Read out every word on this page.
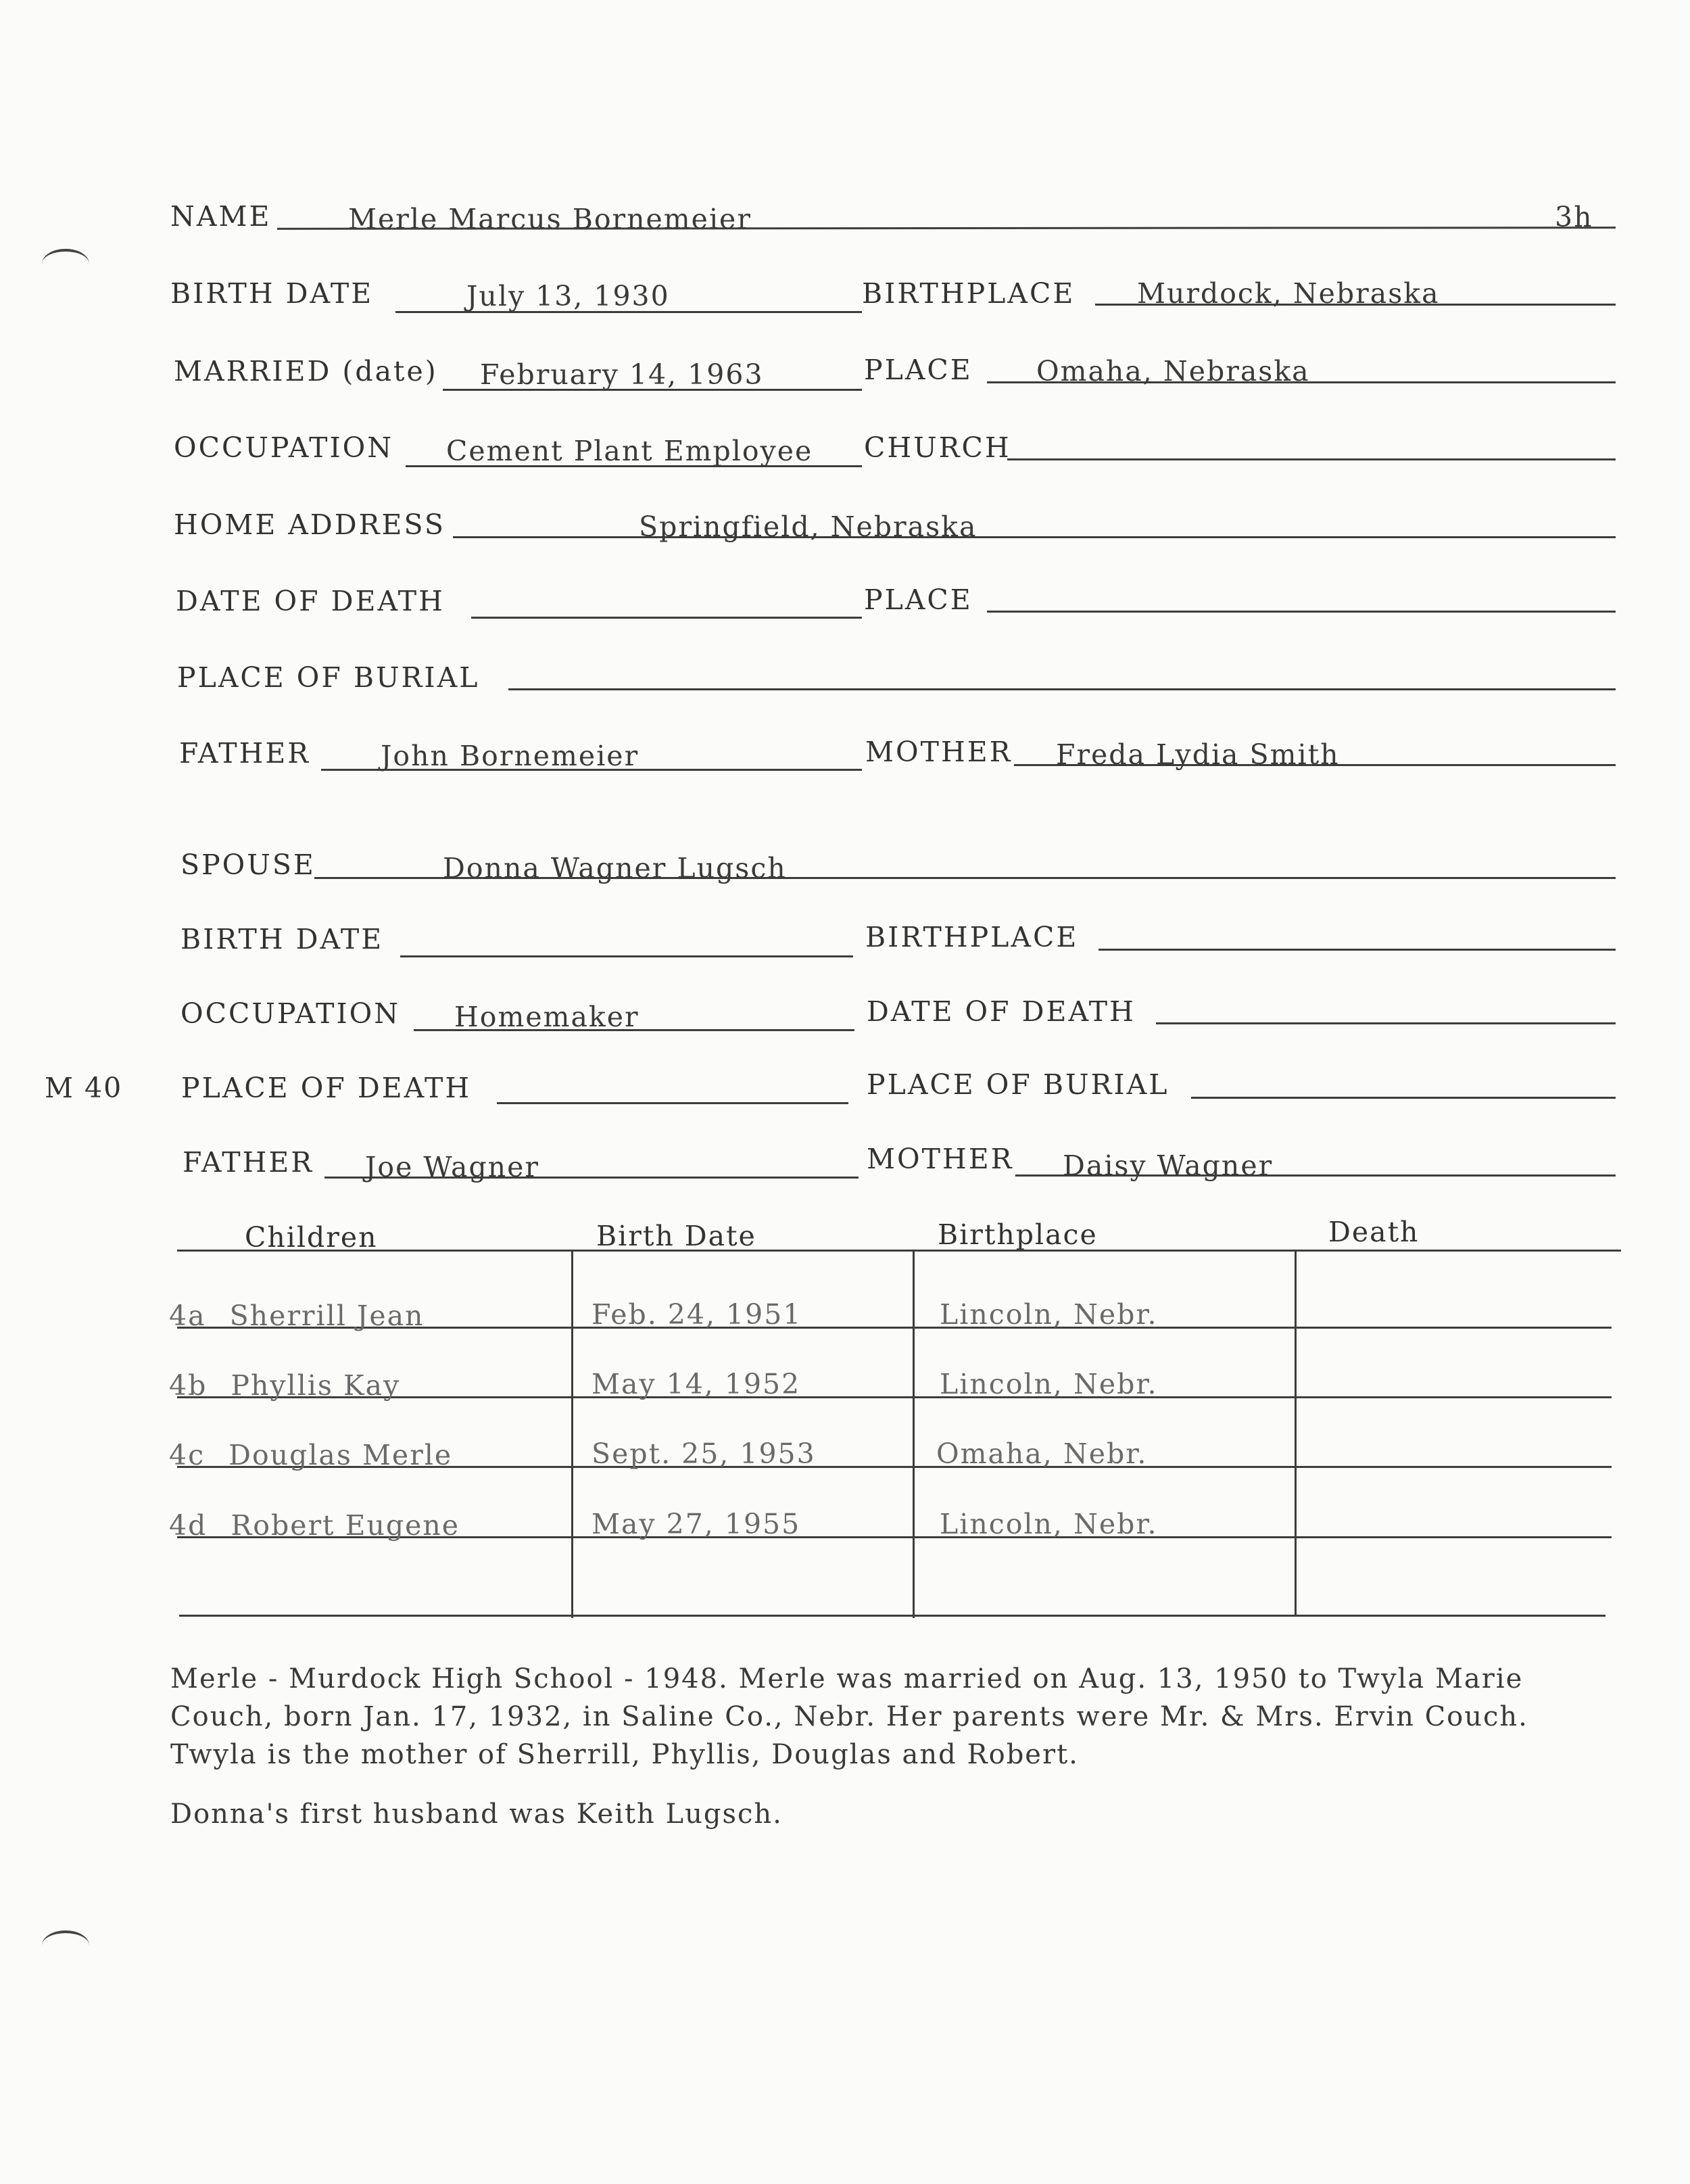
M 40
NAME	Merle Marcus Bornemeier	3h
BIRTH DATE	July 13, 1930	BIRTHPLACE Murdock, Nebraska
MARRIED (date) February 14, 1963	PLACE Omaha, Nebraska
OCCUPATION Cement Plant Employee CHURCH
HOME ADDRESS	Springfield, Nebraska
DATE OF DEATH	PLACE
PLACE OF BURIAL
FATHER	John Bornemeier	MOTHER Freda Lydia Smith
SPOUSE	Donna Wagner Lugsch
BIRTH DATE	BIRTHPLACE
OCCUPATION Homemaker	DATE OF DEATH
PLACE OF DEATH	PLACE OF BURIAL
FATHER Joe Wagner	MOTHER Daisy Wagner
Children	Birth Date	Birthplace	Death
4a Sherrill Jean	Feb. 24, 1951	Lincoln, Nebr.
4b Phyllis Kay	May 14, 1952	Lincoln, Nebr.
4c Douglas Merle	Sept. 25, 1953	Omaha, Nebr.
4d Robert Eugene	May 27, 1955	Lincoln, Nebr.
Merle - Murdock High School - 1948. Merle was married on Aug. 13, 1950 to Twyla Marie Couch, born Jan. 17, 1932, in Saline Co., Nebr. Her parents were Mr. & Mrs. Ervin Couch. Twyla is the mother of Sherrill, Phyllis, Douglas and Robert.
Donna's first husband was Keith Lugsch.
